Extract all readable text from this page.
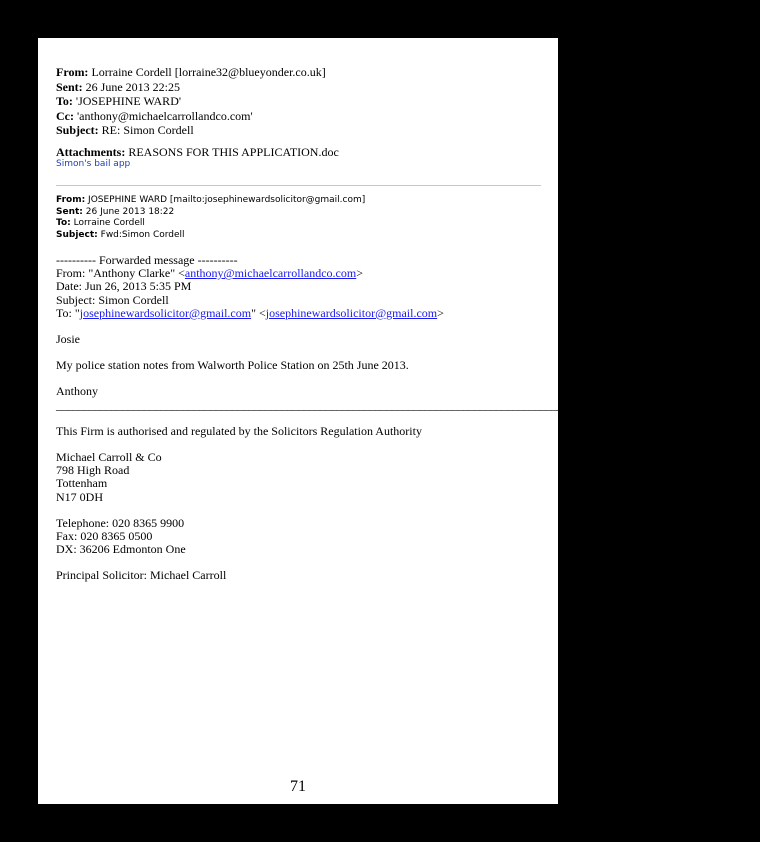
From: Lorraine Cordell [lorraine32@blueyonder.co.uk]
Sent: 26 June 2013 22:25
To: 'JOSEPHINE WARD'
Cc: 'anthony@michaelcarrollandco.com'
Subject: RE: Simon Cordell
Attachments: REASONS FOR THIS APPLICATION.doc
Simon's bail app
From: JOSEPHINE WARD [mailto:josephinewardsolicitor@gmail.com]
Sent: 26 June 2013 18:22
To: Lorraine Cordell
Subject: Fwd:Simon Cordell

---------- Forwarded message ----------

From: "Anthony Clarke" <anthony@michaelcarrollandco.com>

Date: Jun 26, 2013 5:35 PM

Subject: Simon Cordell

To: "josephinewardsolicitor@gmail.com" <josephinewardsolicitor@gmail.com>

Josie

My police station notes from Walworth Police Station on 25th June 2013.

Anthony

________________________________________________________________________________________________________________________________

This Firm is authorised and regulated by the Solicitors Regulation Authority

Michael Carroll & Co

798 High Road

Tottenham

N17 0DH

Telephone: 020 8365 9900

Fax: 020 8365 0500

DX: 36206 Edmonton One

Principal Solicitor: Michael Carroll

71
